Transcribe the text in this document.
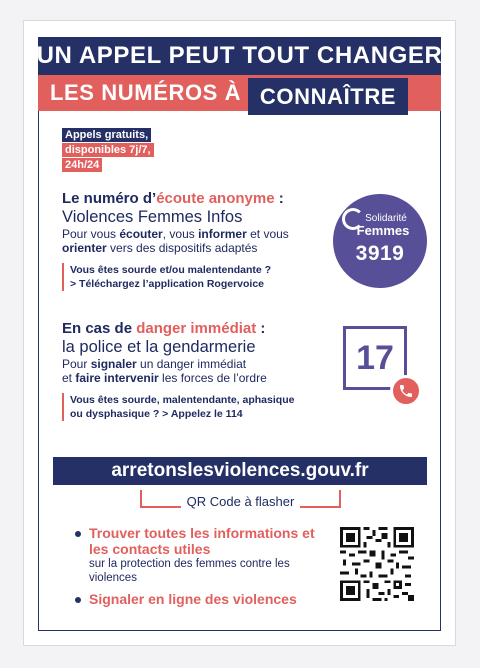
UN APPEL PEUT TOUT CHANGER
LES NUMÉROS À CONNAÎTRE
Appels gratuits,
disponibles 7j/7,
24h/24
Le numéro d’écoute anonyme :
Violences Femmes Infos
Pour vous écouter, vous informer et vous
orienter vers des dispositifs adaptés
Vous êtes sourde et/ou malentendante ?
> Téléchargez l’application Rogervoice
Solidarité
Femmes
3919
En cas de danger immédiat :
la police et la gendarmerie
Pour signaler un danger immédiat
et faire intervenir les forces de l’ordre
Vous êtes sourde, malentendante, aphasique
ou dysphasique ? > Appelez le 114
17
arretonslesviolences.gouv.fr
QR Code à flasher
Trouver toutes les informations et les contacts utiles
sur la protection des femmes contre les violences
Signaler en ligne des violences
